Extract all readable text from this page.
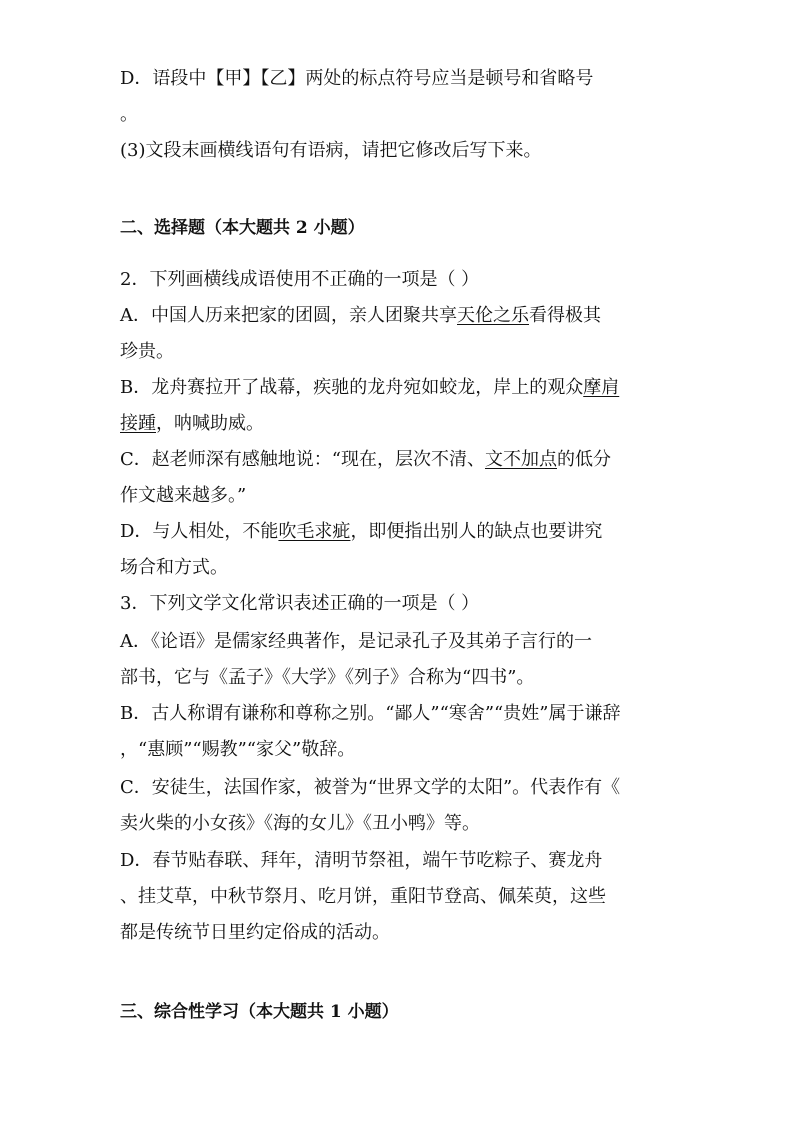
D．语段中【甲】【乙】两处的标点符号应当是顿号和省略号
。
(3)文段末画横线语句有语病，请把它修改后写下来。
二、选择题（本大题共 2 小题）
2．下列画横线成语使用不正确的一项是（ ）
A．中国人历来把家的团圆，亲人团聚共享天伦之乐看得极其
珍贵。
B．龙舟赛拉开了战幕，疾驰的龙舟宛如蛟龙，岸上的观众摩肩
接踵，呐喊助威。
C．赵老师深有感触地说：“现在，层次不清、文不加点的低分
作文越来越多。”
D．与人相处，不能吹毛求疵，即便指出别人的缺点也要讲究
场合和方式。
3．下列文学文化常识表述正确的一项是（ ）
A．《论语》是儒家经典著作，是记录孔子及其弟子言行的一
部书，它与《孟子》《大学》《列子》合称为“四书”。
B．古人称谓有谦称和尊称之别。“鄙人”“寒舍”“贵姓”属于谦辞
，“惠顾”“赐教”“家父”敬辞。
C．安徒生，法国作家，被誉为“世界文学的太阳”。代表作有《
卖火柴的小女孩》《海的女儿》《丑小鸭》等。
D．春节贴春联、拜年，清明节祭祖，端午节吃粽子、赛龙舟
、挂艾草，中秋节祭月、吃月饼，重阳节登高、佩茱萸，这些
都是传统节日里约定俗成的活动。
三、综合性学习（本大题共 1 小题）
